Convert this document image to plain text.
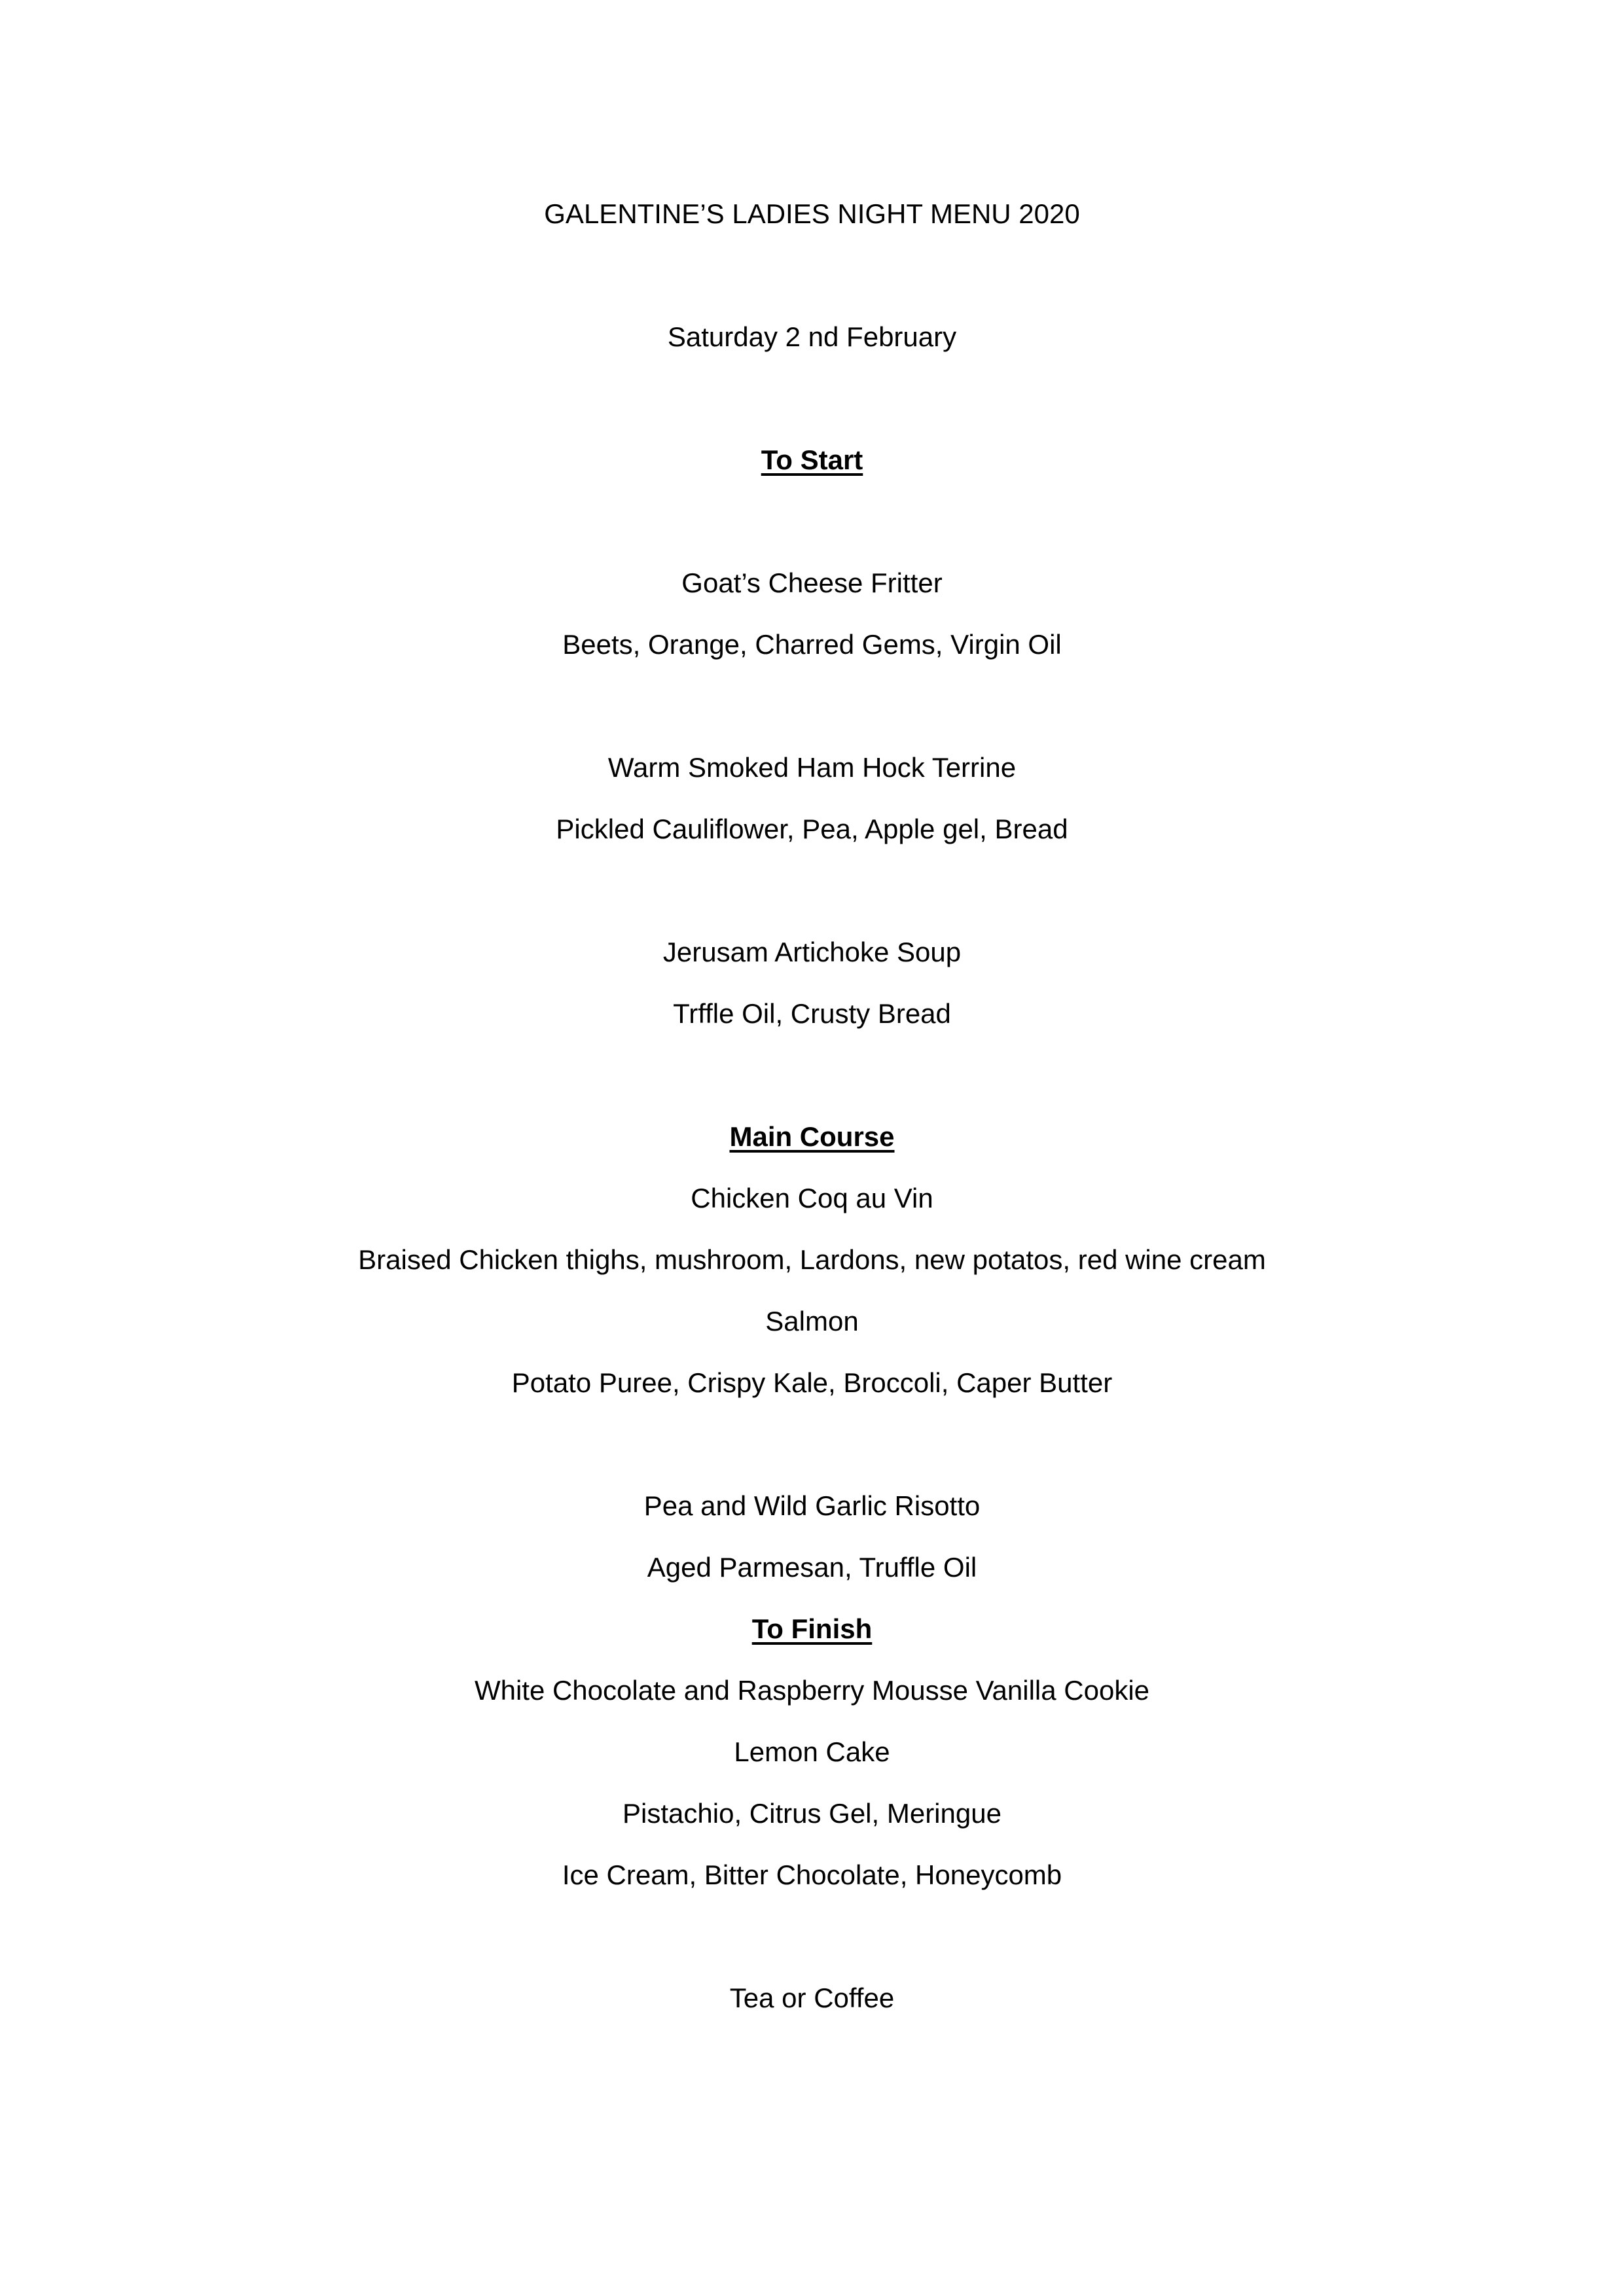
GALENTINE’S LADIES NIGHT MENU 2020
Saturday 2 nd February
To Start
Goat’s Cheese Fritter
Beets, Orange, Charred Gems, Virgin Oil
Warm Smoked Ham Hock Terrine
Pickled Cauliflower, Pea, Apple gel, Bread
Jerusam Artichoke Soup
Trffle Oil, Crusty Bread
Main Course
Chicken Coq au Vin
Braised Chicken thighs, mushroom, Lardons, new potatos, red wine cream
Salmon
Potato Puree, Crispy Kale, Broccoli, Caper Butter
Pea and Wild Garlic Risotto
Aged Parmesan, Truffle Oil
To Finish
White Chocolate and Raspberry Mousse Vanilla Cookie
Lemon Cake
Pistachio, Citrus Gel, Meringue
Ice Cream, Bitter Chocolate, Honeycomb
Tea or Coffee
